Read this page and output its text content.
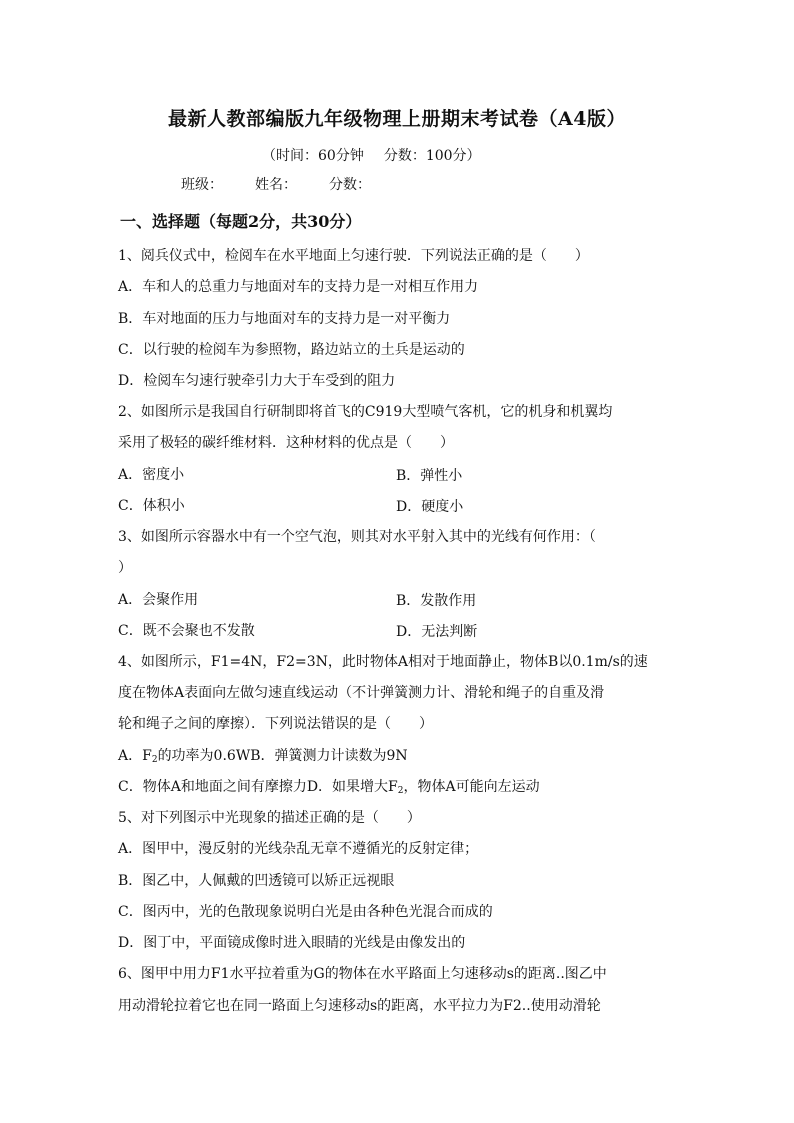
最新人教部编版九年级物理上册期末考试卷（A4版）
（时间：60分钟 分数：100分）
班级： 姓名： 分数：
一、选择题（每题2分，共30分）
1、阅兵仪式中，检阅车在水平地面上匀速行驶．下列说法正确的是（　　）
A．车和人的总重力与地面对车的支持力是一对相互作用力
B．车对地面的压力与地面对车的支持力是一对平衡力
C．以行驶的检阅车为参照物，路边站立的土兵是运动的
D．检阅车匀速行驶牵引力大于车受到的阻力
2、如图所示是我国自行研制即将首飞的C919大型喷气客机，它的机身和机翼均
采用了极轻的碳纤维材料．这种材料的优点是（　　）
A．密度小	B．弹性小
C．体积小	D．硬度小
3、如图所示容器水中有一个空气泡，则其对水平射入其中的光线有何作用：（
）
A．会聚作用	B．发散作用
C．既不会聚也不发散	D．无法判断
4、如图所示，F1=4N，F2=3N，此时物体A相对于地面静止，物体B以0.1m/s的速
度在物体A表面向左做匀速直线运动（不计弹簧测力计、滑轮和绳子的自重及滑
轮和绳子之间的摩擦）．下列说法错误的是（　　）
A．$F_2$的功率为0.6WB．弹簧测力计读数为9N
C．物体A和地面之间有摩擦力D．如果增大$F_2$，物体A可能向左运动
5、对下列图示中光现象的描述正确的是（　　）
A．图甲中，漫反射的光线杂乱无章不遵循光的反射定律；
B．图乙中，人佩戴的凹透镜可以矫正远视眼
C．图丙中，光的色散现象说明白光是由各种色光混合而成的
D．图丁中，平面镜成像时进入眼睛的光线是由像发出的
6、图甲中用力F1水平拉着重为G的物体在水平路面上匀速移动s的距离..图乙中
用动滑轮拉着它也在同一路面上匀速移动s的距离，水平拉力为F2..使用动滑轮
